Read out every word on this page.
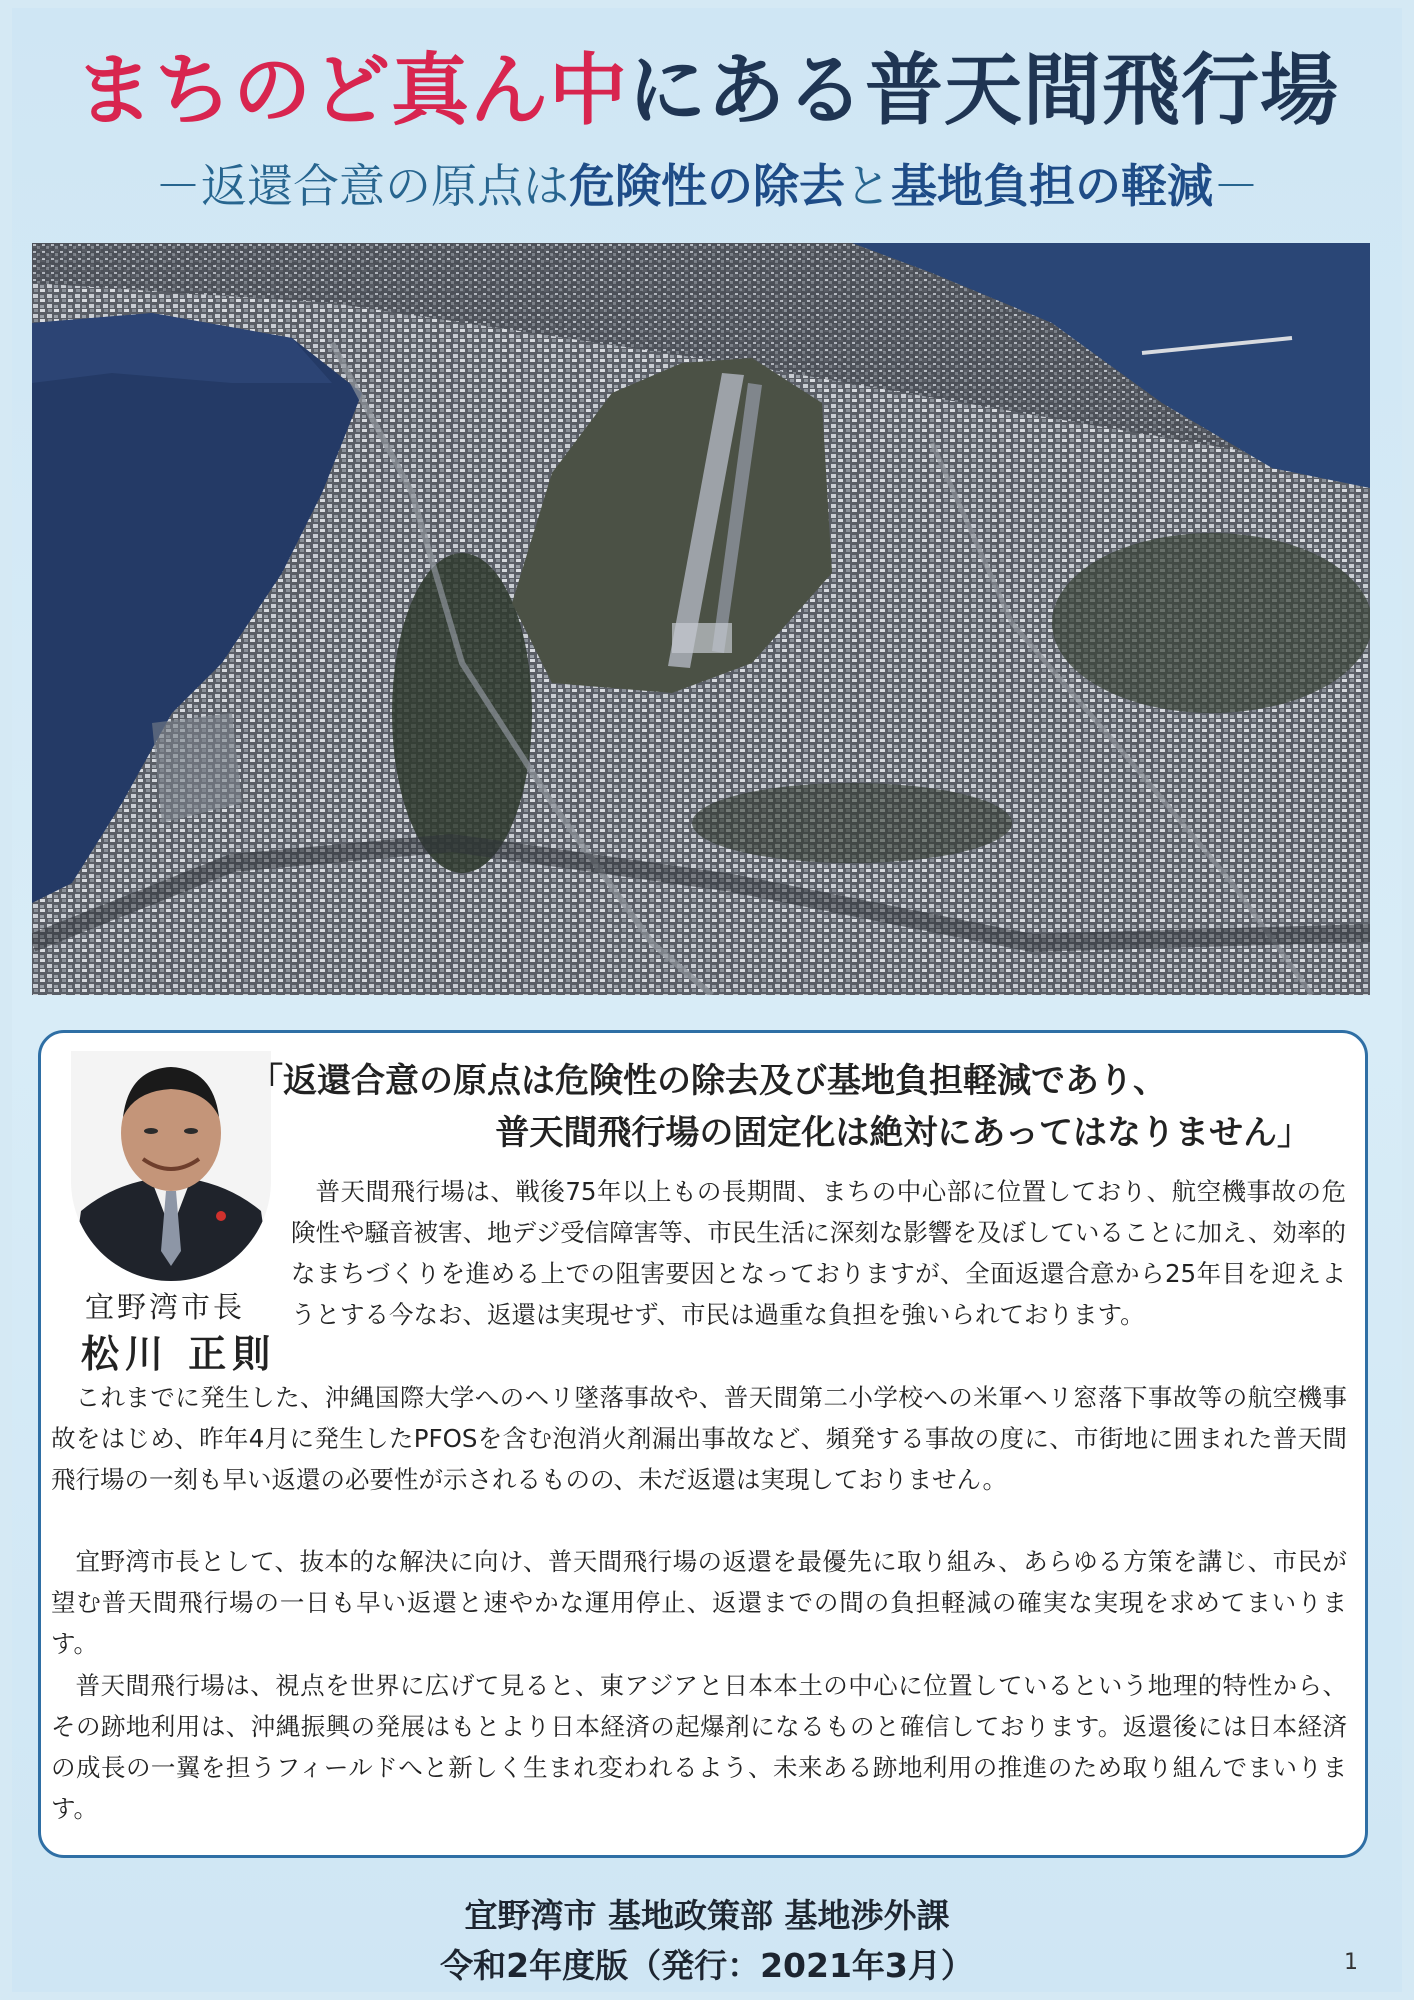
まちのど真ん中にある普天間飛行場
－返還合意の原点は危険性の除去と基地負担の軽減－
宜野湾市長
松川 正則
「返還合意の原点は危険性の除去及び基地負担軽減であり、
普天間飛行場の固定化は絶対にあってはなりません」

普天間飛行場は、戦後75年以上もの長期間、まちの中心部に位置しており、航空機事故の危険性や騒音被害、地デジ受信障害等、市民生活に深刻な影響を及ぼしていることに加え、効率的なまちづくりを進める上での阻害要因となっておりますが、全面返還合意から25年目を迎えようとする今なお、返還は実現せず、市民は過重な負担を強いられております。

これまでに発生した、沖縄国際大学へのヘリ墜落事故や、普天間第二小学校への米軍ヘリ窓落下事故等の航空機事故をはじめ、昨年4月に発生したPFOSを含む泡消火剤漏出事故など、頻発する事故の度に、市街地に囲まれた普天間飛行場の一刻も早い返還の必要性が示されるものの、未だ返還は実現しておりません。

宜野湾市長として、抜本的な解決に向け、普天間飛行場の返還を最優先に取り組み、あらゆる方策を講じ、市民が望む普天間飛行場の一日も早い返還と速やかな運用停止、返還までの間の負担軽減の確実な実現を求めてまいります。

普天間飛行場は、視点を世界に広げて見ると、東アジアと日本本土の中心に位置しているという地理的特性から、その跡地利用は、沖縄振興の発展はもとより日本経済の起爆剤になるものと確信しております。返還後には日本経済の成長の一翼を担うフィールドへと新しく生まれ変われるよう、未来ある跡地利用の推進のため取り組んでまいります。

宜野湾市 基地政策部 基地渉外課
令和2年度版（発行：2021年3月）	1
